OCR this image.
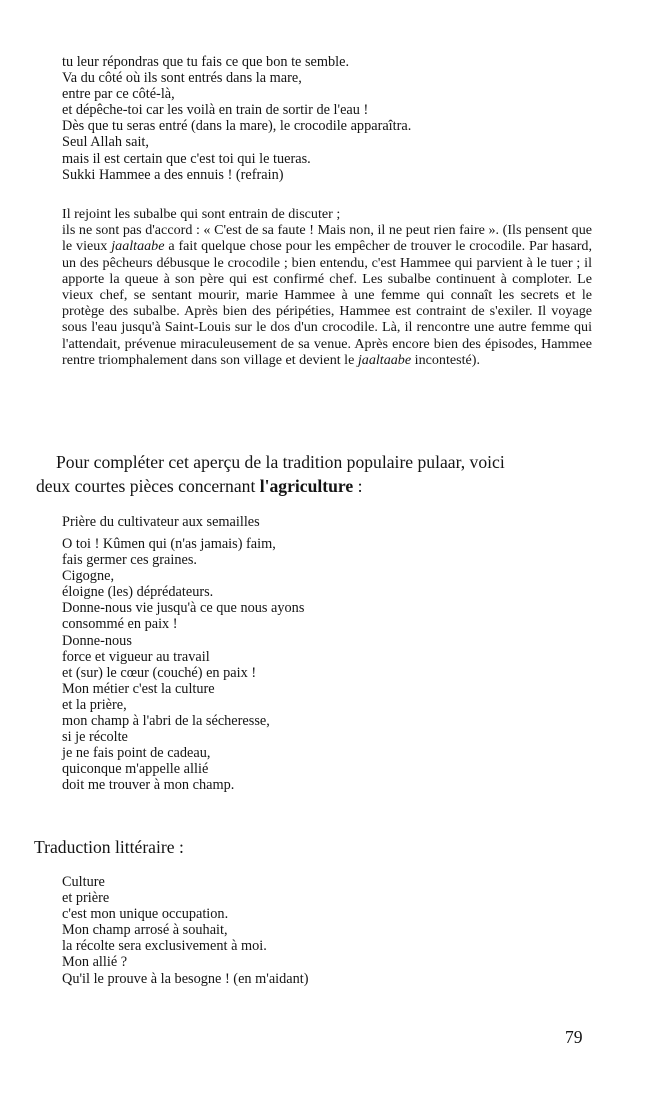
tu leur répondras que tu fais ce que bon te semble.
Va du côté où ils sont entrés dans la mare,
entre par ce côté-là,
et dépêche-toi car les voilà en train de sortir de l'eau !
Dès que tu seras entré (dans la mare), le crocodile apparaîtra.
Seul Allah sait,
mais il est certain que c'est toi qui le tueras.
Sukki Hammee a des ennuis ! (refrain)

Il rejoint les subalbe qui sont entrain de discuter ;

ils ne sont pas d'accord : « C'est de sa faute ! Mais non, il ne peut rien faire ». (Ils pensent que le vieux jaaltaabe a fait quelque chose pour les empêcher de trouver le crocodile. Par hasard, un des pêcheurs débusque le crocodile ; bien entendu, c'est Hammee qui parvient à le tuer ; il apporte la queue à son père qui est confirmé chef. Les subalbe continuent à comploter. Le vieux chef, se sentant mourir, marie Hammee à une femme qui connaît les secrets et le protège des subalbe. Après bien des péripéties, Hammee est contraint de s'exiler. Il voyage sous l'eau jusqu'à Saint-Louis sur le dos d'un crocodile. Là, il rencontre une autre femme qui l'attendait, prévenue miraculeusement de sa venue. Après encore bien des épisodes, Hammee rentre triomphalement dans son village et devient le jaaltaabe incontesté).

Pour compléter cet aperçu de la tradition populaire pulaar, voici
deux courtes pièces concernant l'agriculture :
Prière du cultivateur aux semailles
O toi ! Kûmen qui (n'as jamais) faim,
fais germer ces graines.
Cigogne,
éloigne (les) déprédateurs.
Donne-nous vie jusqu'à ce que nous ayons
consommé en paix !
Donne-nous
force et vigueur au travail
et (sur) le cœur (couché) en paix !
Mon métier c'est la culture
et la prière,
mon champ à l'abri de la sécheresse,
si je récolte
je ne fais point de cadeau,
quiconque m'appelle allié
doit me trouver à mon champ.
Traduction littéraire :
Culture
et prière
c'est mon unique occupation.
Mon champ arrosé à souhait,
la récolte sera exclusivement à moi.
Mon allié ?
Qu'il le prouve à la besogne ! (en m'aidant)
79
